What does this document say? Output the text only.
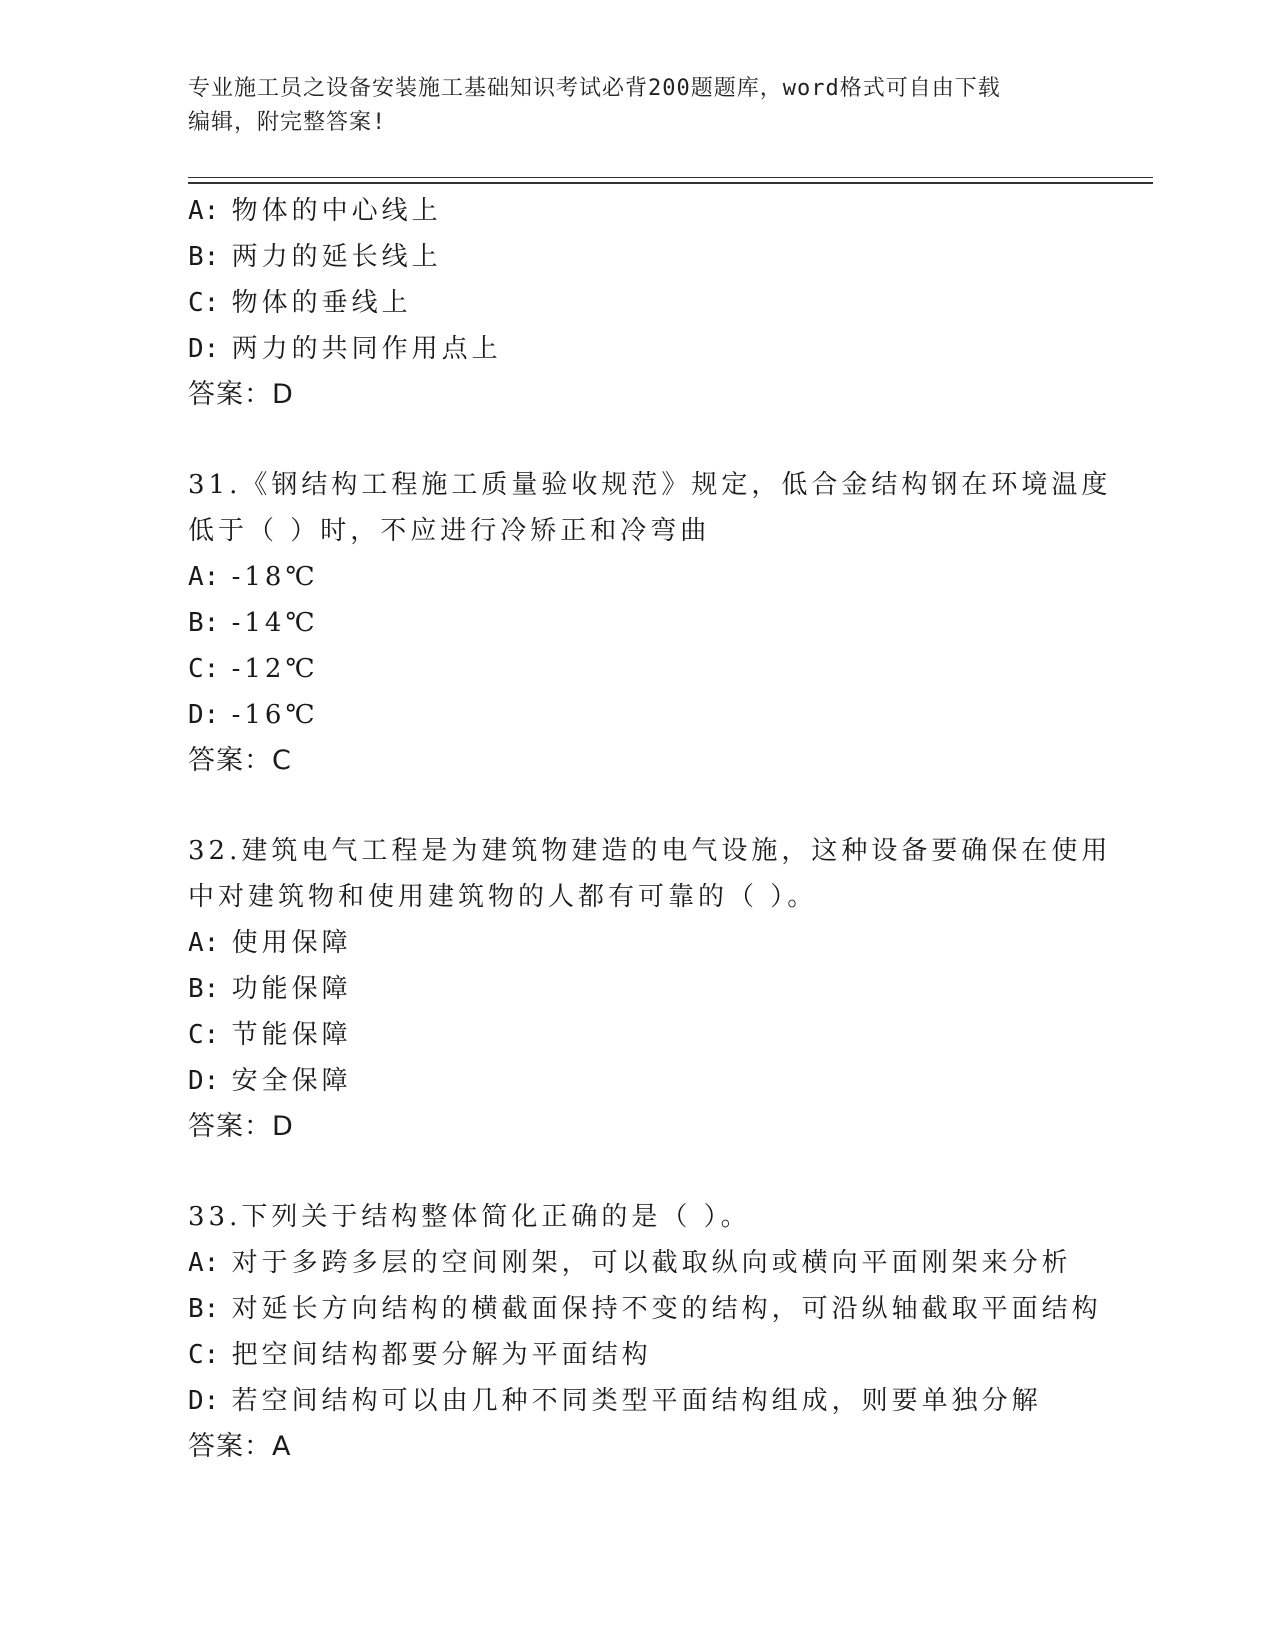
专业施工员之设备安装施工基础知识考试必背200题题库，word格式可自由下载
编辑，附完整答案!
A: 物体的中心线上
B: 两力的延长线上
C: 物体的垂线上
D: 两力的共同作用点上
答案：D
31.《钢结构工程施工质量验收规范》规定，低合金结构钢在环境温度
低于（ ）时，不应进行冷矫正和冷弯曲
A: -18℃
B: -14℃
C: -12℃
D: -16℃
答案：C
32.建筑电气工程是为建筑物建造的电气设施，这种设备要确保在使用
中对建筑物和使用建筑物的人都有可靠的（ ）。
A: 使用保障
B: 功能保障
C: 节能保障
D: 安全保障
答案：D
33.下列关于结构整体简化正确的是（ ）。
A: 对于多跨多层的空间刚架，可以截取纵向或横向平面刚架来分析
B: 对延长方向结构的横截面保持不变的结构，可沿纵轴截取平面结构
C: 把空间结构都要分解为平面结构
D: 若空间结构可以由几种不同类型平面结构组成，则要单独分解
答案：A
